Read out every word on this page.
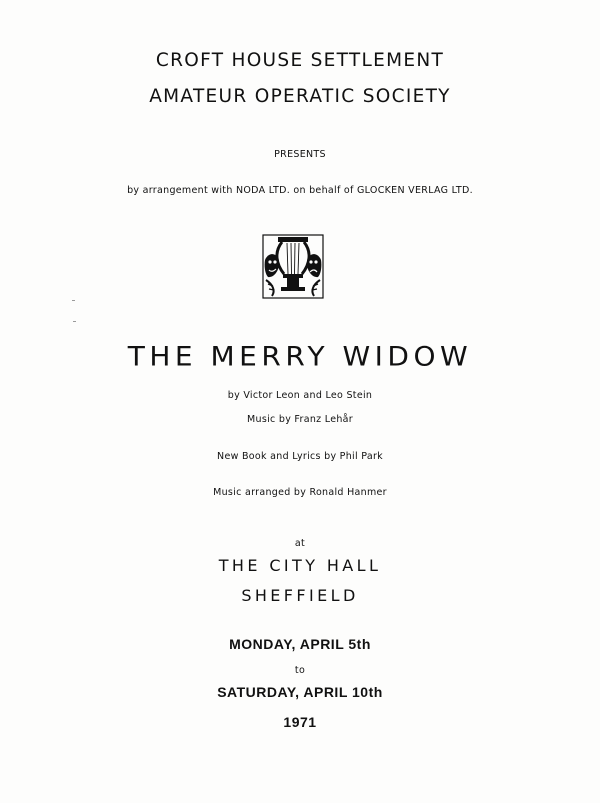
CROFT HOUSE SETTLEMENT
AMATEUR OPERATIC SOCIETY
PRESENTS
by arrangement with NODA LTD. on behalf of GLOCKEN VERLAG LTD.
THE MERRY WIDOW
by Victor Leon and Leo Stein
Music by Franz Lehår
New Book and Lyrics by Phil Park
Music arranged by Ronald Hanmer
at
THE CITY HALL
SHEFFIELD
MONDAY, APRIL 5th
to
SATURDAY, APRIL 10th
1971
